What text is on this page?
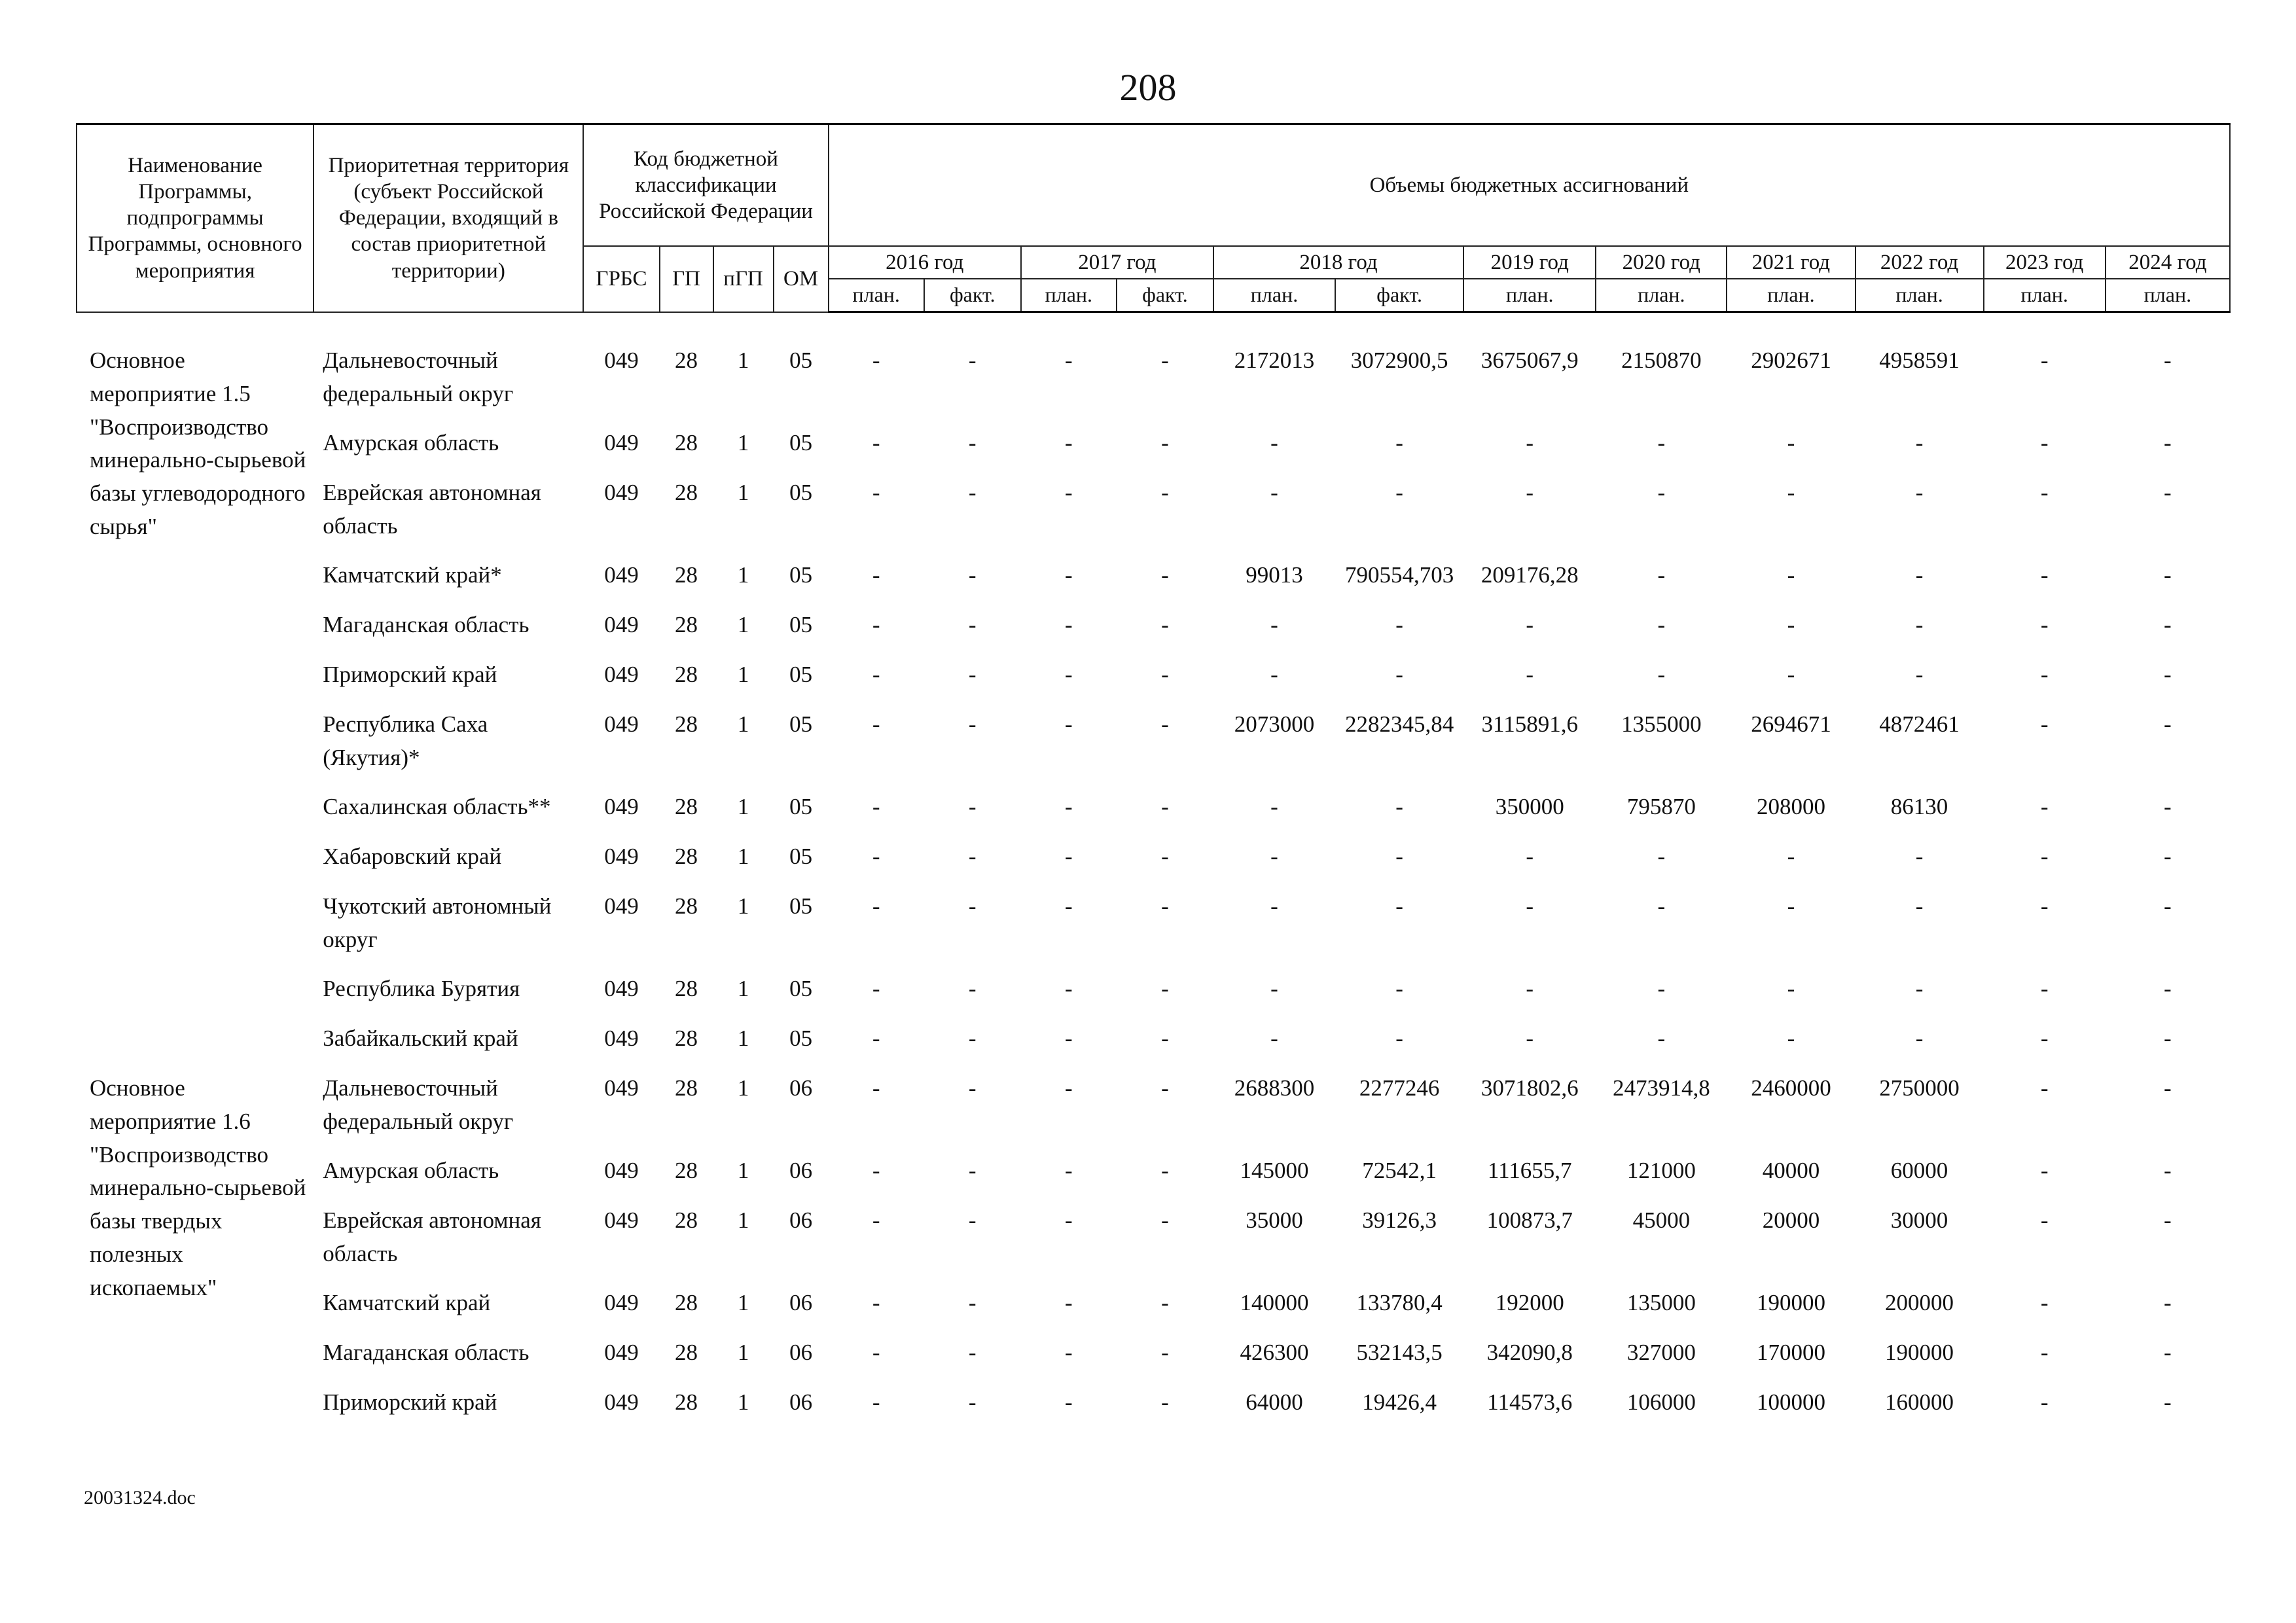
208
Наименование Программы, подпрограммы Программы, основного мероприятия	Приоритетная территория (субъект Российской Федерации, входящий в состав приоритетной территории)	Код бюджетной классификации Российской Федерации				Объемы бюджетных ассигнований											
		ГРБС	ГП	пГП	ОМ	2016 год		2017 год		2018 год		2019 год	2020 год	2021 год	2022 год	2023 год	2024 год
						план.	факт.	план.	факт.	план.	факт.	план.	план.	план.	план.	план.	план.

Основное мероприятие 1.5 "Воспроизводство минерально-сырьевой базы углеводородного сырья"	Дальневосточный федеральный округ	049	28	1	05	-	-	-	-	2172013	3072900,5	3675067,9	2150870	2902671	4958591	-	-
	Амурская область	049	28	1	05	-	-	-	-	-	-	-	-	-	-	-	-
	Еврейская автономная область	049	28	1	05	-	-	-	-	-	-	-	-	-	-	-	-
	Камчатский край*	049	28	1	05	-	-	-	-	99013	790554,703	209176,28	-	-	-	-	-
	Магаданская область	049	28	1	05	-	-	-	-	-	-	-	-	-	-	-	-
	Приморский край	049	28	1	05	-	-	-	-	-	-	-	-	-	-	-	-
	Республика Саха (Якутия)*	049	28	1	05	-	-	-	-	2073000	2282345,84	3115891,6	1355000	2694671	4872461	-	-
	Сахалинская область**	049	28	1	05	-	-	-	-	-	-	350000	795870	208000	86130	-	-
	Хабаровский край	049	28	1	05	-	-	-	-	-	-	-	-	-	-	-	-
	Чукотский автономный округ	049	28	1	05	-	-	-	-	-	-	-	-	-	-	-	-
	Республика Бурятия	049	28	1	05	-	-	-	-	-	-	-	-	-	-	-	-
	Забайкальский край	049	28	1	05	-	-	-	-	-	-	-	-	-	-	-	-
Основное мероприятие 1.6 "Воспроизводство минерально-сырьевой базы твердых полезных ископаемых"	Дальневосточный федеральный округ	049	28	1	06	-	-	-	-	2688300	2277246	3071802,6	2473914,8	2460000	2750000	-	-
	Амурская область	049	28	1	06	-	-	-	-	145000	72542,1	111655,7	121000	40000	60000	-	-
	Еврейская автономная область	049	28	1	06	-	-	-	-	35000	39126,3	100873,7	45000	20000	30000	-	-
	Камчатский край	049	28	1	06	-	-	-	-	140000	133780,4	192000	135000	190000	200000	-	-
	Магаданская область	049	28	1	06	-	-	-	-	426300	532143,5	342090,8	327000	170000	190000	-	-
	Приморский край	049	28	1	06	-	-	-	-	64000	19426,4	114573,6	106000	100000	160000	-	-
20031324.doc
